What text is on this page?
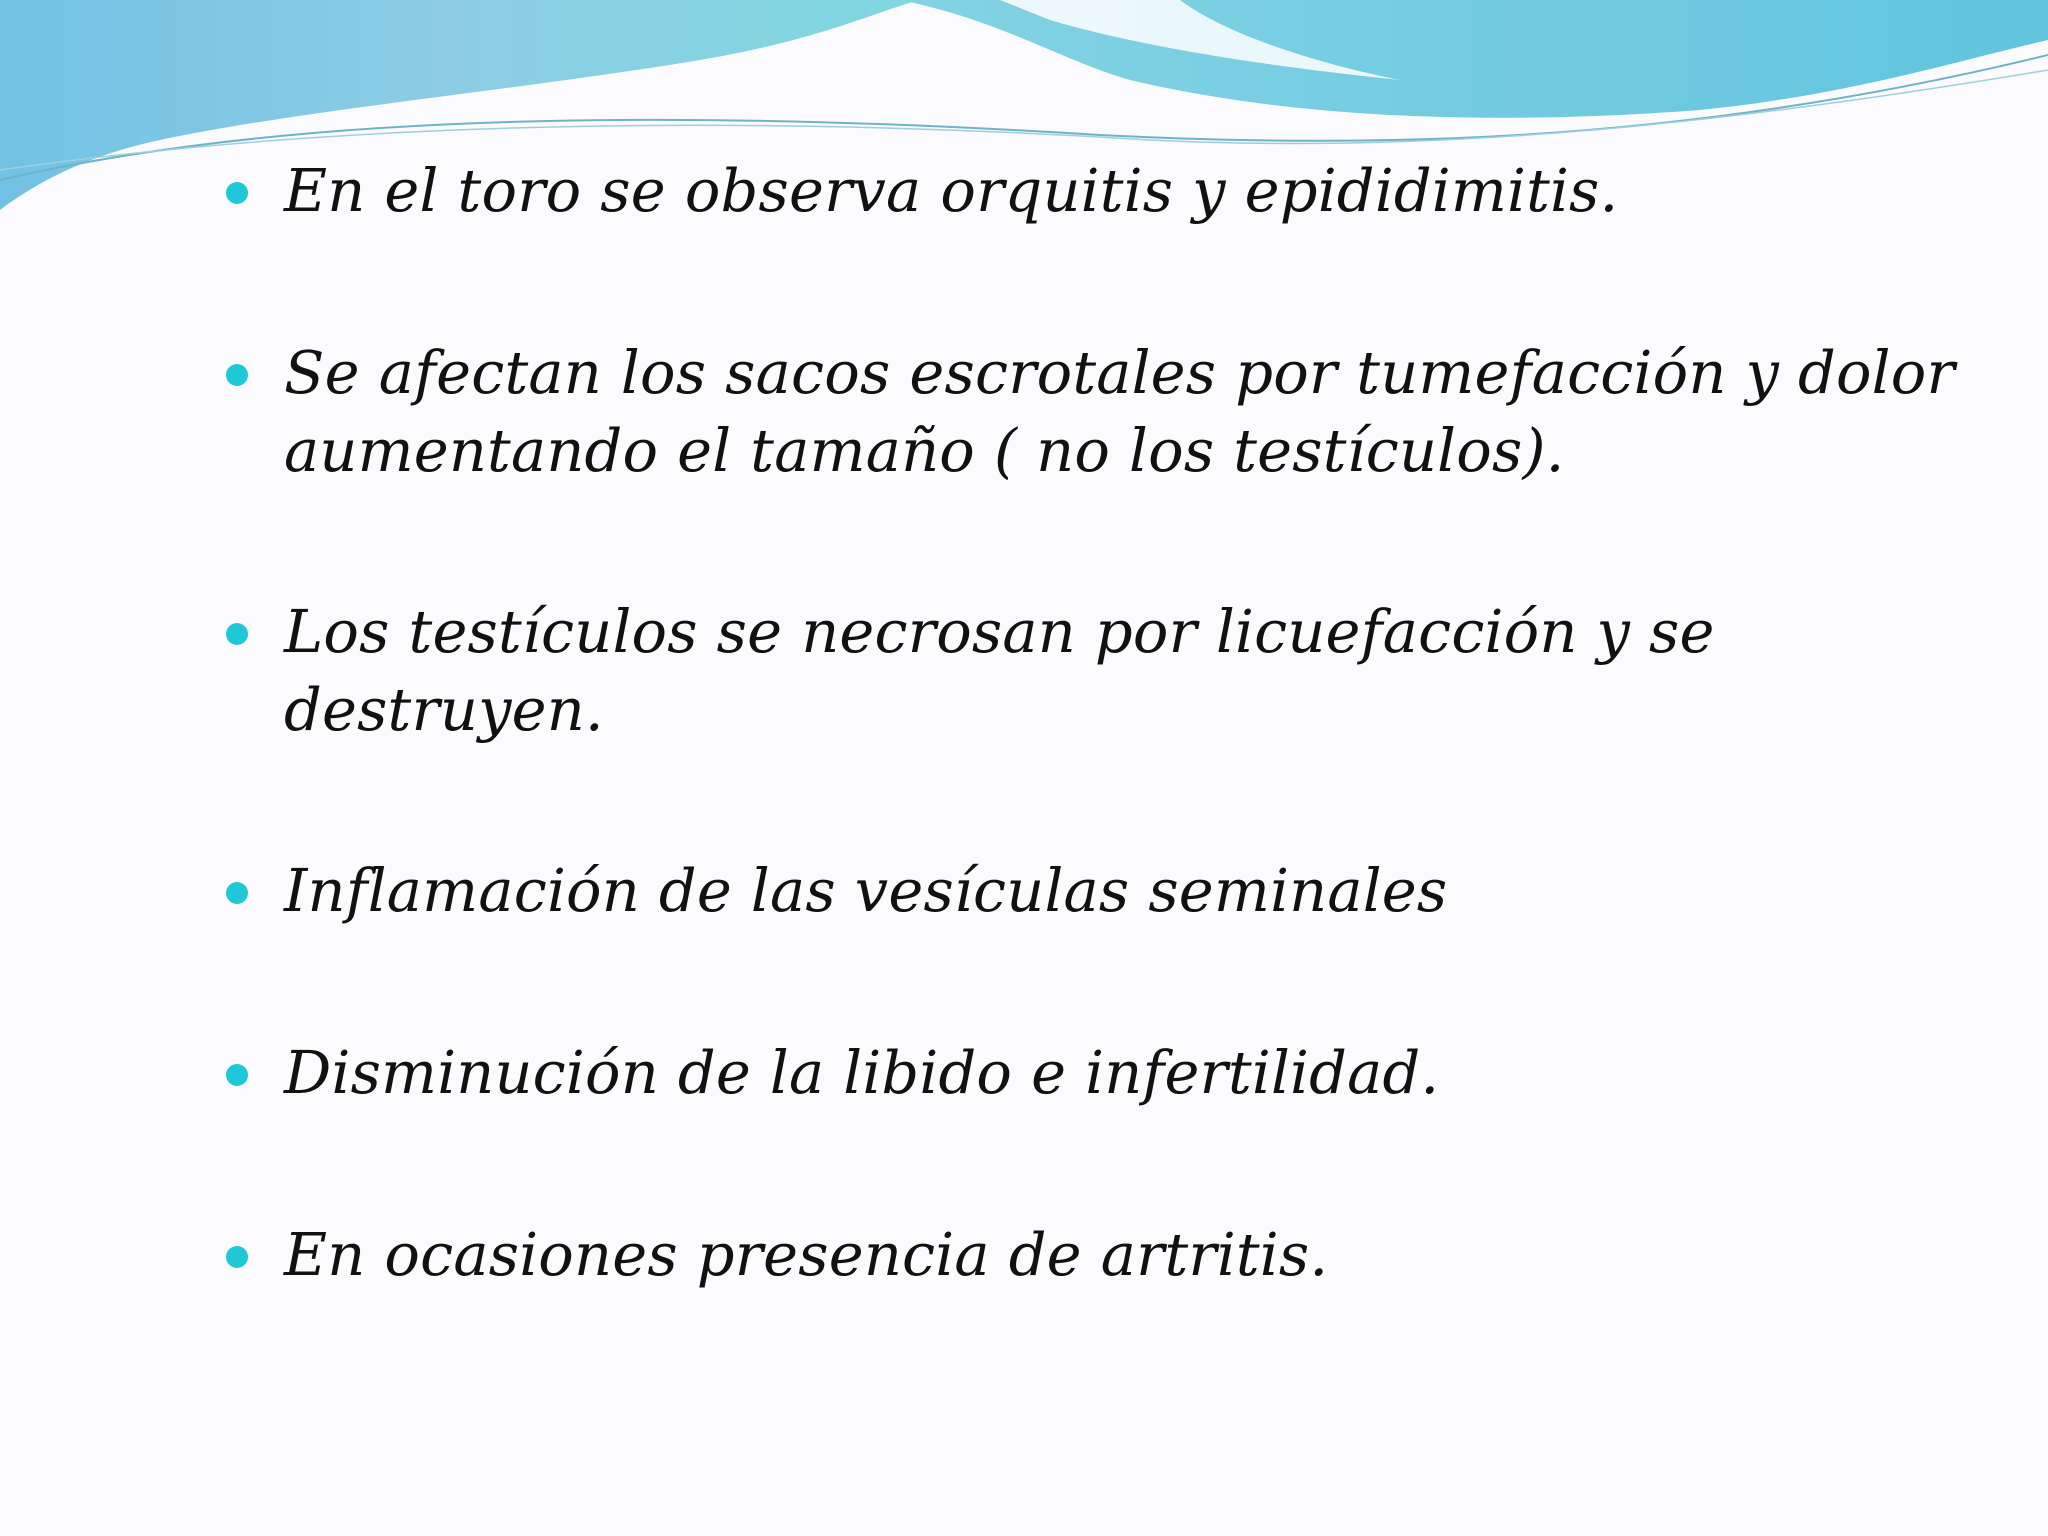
En el toro se observa orquitis y epididimitis.
Se afectan los sacos escrotales por tumefacción y dolor aumentando el tamaño ( no los testículos).
Los testículos se necrosan por licuefacción y se destruyen.
Inflamación de las vesículas seminales
Disminución de la libido e infertilidad.
En ocasiones presencia de artritis.
